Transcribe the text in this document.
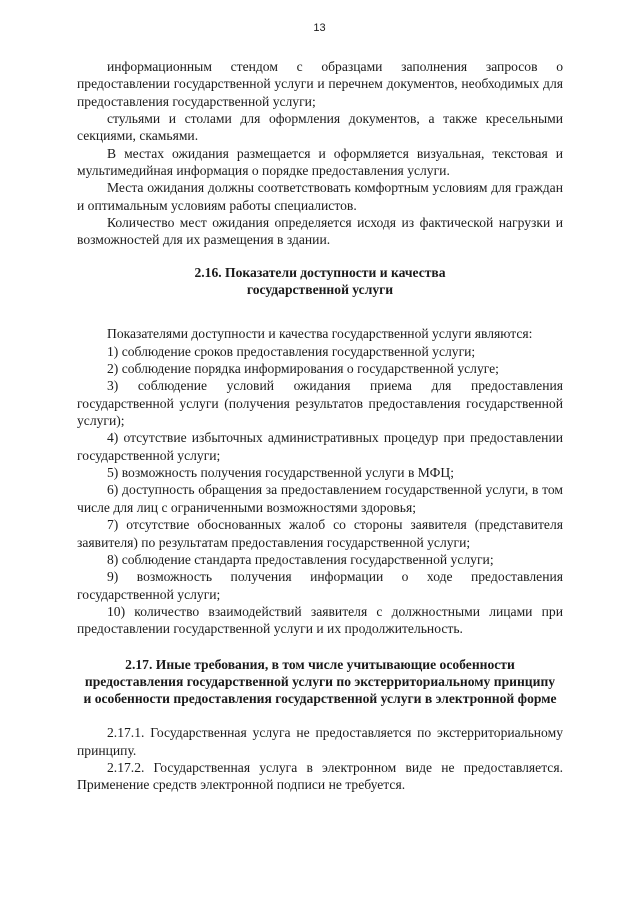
13

информационным стендом с образцами заполнения запросов о предоставлении государственной услуги и перечнем документов, необходимых для предоставления государственной услуги;

стульями и столами для оформления документов, а также кресельными секциями, скамьями.

В местах ожидания размещается и оформляется визуальная, текстовая и мультимедийная информация о порядке предоставления услуги.

Места ожидания должны соответствовать комфортным условиям для граждан и оптимальным условиям работы специалистов.

Количество мест ожидания определяется исходя из фактической нагрузки и возможностей для их размещения в здании.

2.16. Показатели доступности и качества
государственной услуги

Показателями доступности и качества государственной услуги являются:

1) соблюдение сроков предоставления государственной услуги;

2) соблюдение порядка информирования о государственной услуге;

3) соблюдение условий ожидания приема для предоставления государственной услуги (получения результатов предоставления государственной услуги);

4) отсутствие избыточных административных процедур при предоставлении государственной услуги;

5) возможность получения государственной услуги в МФЦ;

6) доступность обращения за предоставлением государственной услуги, в том числе для лиц с ограниченными возможностями здоровья;

7) отсутствие обоснованных жалоб со стороны заявителя (представителя заявителя) по результатам предоставления государственной услуги;

8) соблюдение стандарта предоставления государственной услуги;

9) возможность получения информации о ходе предоставления государственной услуги;

10) количество взаимодействий заявителя с должностными лицами при предоставлении государственной услуги и их продолжительность.

2.17. Иные требования, в том числе учитывающие особенности предоставления государственной услуги по экстерриториальному принципу и особенности предоставления государственной услуги в электронной форме

2.17.1. Государственная услуга не предоставляется по экстерриториальному принципу.

2.17.2. Государственная услуга в электронном виде не предоставляется. Применение средств электронной подписи не требуется.
